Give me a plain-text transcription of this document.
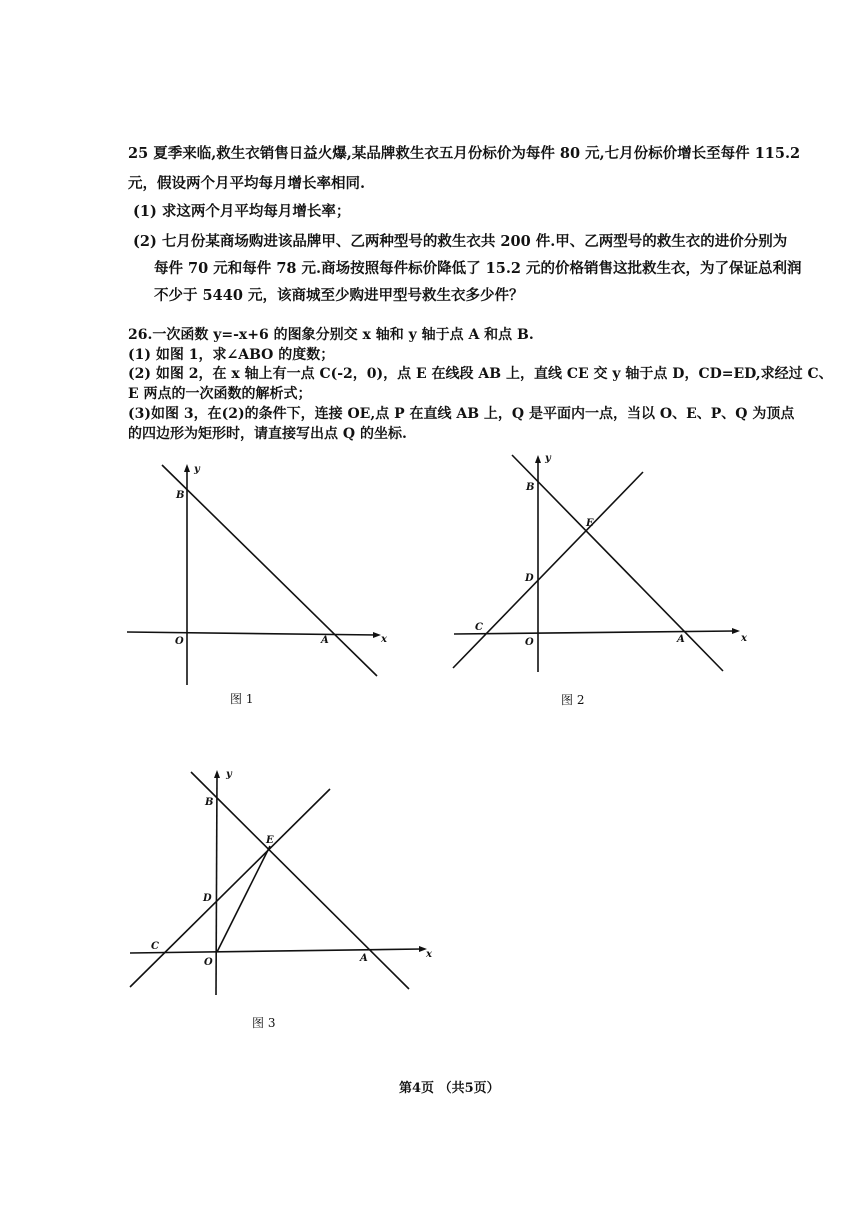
25 夏季来临,救生衣销售日益火爆,某品牌救生衣五月份标价为每件 80 元,七月份标价增长至每件 115.2
元，假设两个月平均每月增长率相同.
(1) 求这两个月平均每月增长率；
(2) 七月份某商场购进该品牌甲、乙两种型号的救生衣共 200 件.甲、乙两型号的救生衣的进价分别为
每件 70 元和每件 78 元.商场按照每件标价降低了 15.2 元的价格销售这批救生衣，为了保证总利润
不少于 5440 元，该商城至少购进甲型号救生衣多少件？
26.一次函数 y=-x+6 的图象分别交 x 轴和 y 轴于点 A 和点 B.
(1) 如图 1，求∠ABO 的度数；
(2) 如图 2，在 x 轴上有一点 C(-2，0)，点 E 在线段 AB 上，直线 CE 交 y 轴于点 D，CD=ED,求经过 C、
E 两点的一次函数的解析式；
(3)如图 3，在(2)的条件下，连接 OE,点 P 在直线 AB 上，Q 是平面内一点，当以 O、E、P、Q 为顶点
的四边形为矩形时，请直接写出点 Q 的坐标.
y
B
O	A	x
图 1
y
B
E
D
C
O	A	x
图 2
y
B
E
D
C
O	A	x
图 3
第4页 （共5页）
